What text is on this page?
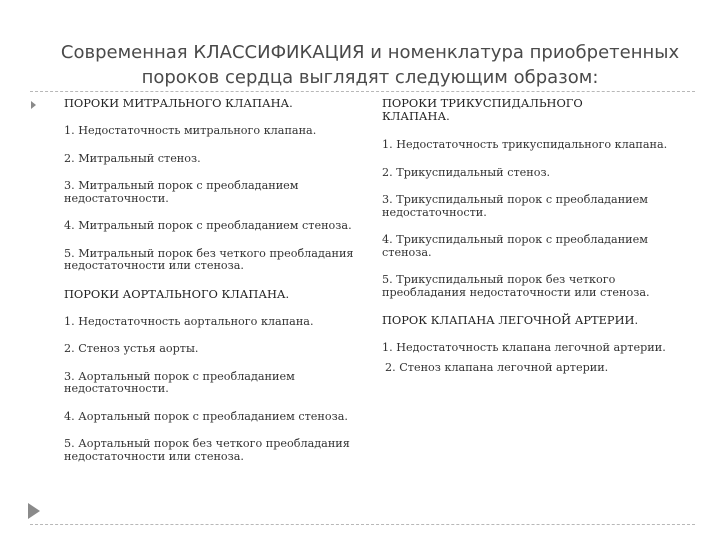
Современная КЛАССИФИКАЦИЯ и номенклатура приобретенных
пороков сердца выглядят следующим образом:
ПОРОКИ МИТРАЛЬНОГО КЛАПАНА.
1. Недостаточность митрального клапана.
2. Митральный стеноз.
3. Митральный порок с преобладанием недостаточности.
4. Митральный порок с преобладанием стеноза.
5. Митральный порок без четкого преобладания недостаточности или стеноза.
ПОРОКИ АОРТАЛЬНОГО КЛАПАНА.
1. Недостаточность аортального клапана.
2. Стеноз устья аорты.
3. Аортальный порок с преобладанием недостаточности.
4. Аортальный порок с преобладанием стеноза.
5. Аортальный порок без четкого преобладания недостаточности или стеноза.
ПОРОКИ ТРИКУСПИДАЛЬНОГО
КЛАПАНА.
1. Недостаточность трикуспидального клапана.
2. Трикуспидальный стеноз.
3. Трикуспидальный порок с преобладанием недостаточности.
4. Трикуспидальный порок с преобладанием стеноза.
5. Трикуспидальный порок без четкого преобладания недостаточности или стеноза.
ПОРОК КЛАПАНА ЛЕГОЧНОЙ АРТЕРИИ.
1. Недостаточность клапана легочной артерии.
2. Стеноз клапана легочной артерии.
